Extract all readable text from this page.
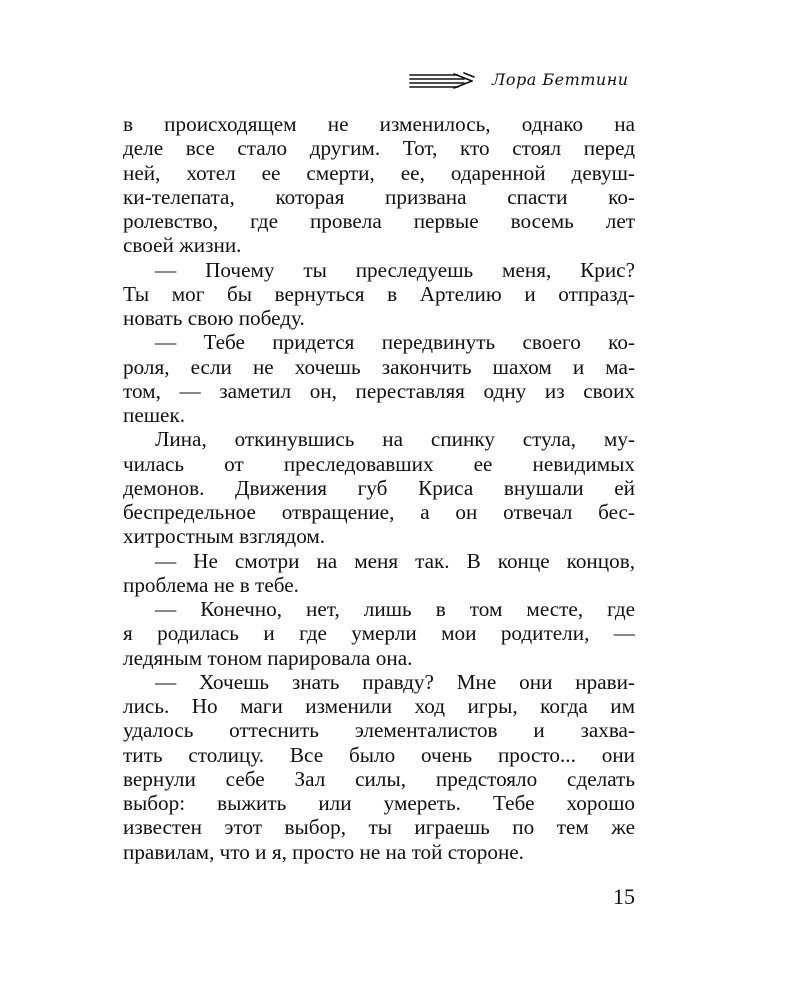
Лора Беттини
в происходящем не изменилось, однако на
деле все стало другим. Тот, кто стоял перед
ней, хотел ее смерти, ее, одаренной девуш-
ки-телепата, которая призвана спасти ко-
ролевство, где провела первые восемь лет
своей жизни.
— Почему ты преследуешь меня, Крис?
Ты мог бы вернуться в Артелию и отпразд-
новать свою победу.
— Тебе придется передвинуть своего ко-
роля, если не хочешь закончить шахом и ма-
том, — заметил он, переставляя одну из своих
пешек.
Лина, откинувшись на спинку стула, му-
чилась от преследовавших ее невидимых
демонов. Движения губ Криса внушали ей
беспредельное отвращение, а он отвечал бес-
хитростным взглядом.
— Не смотри на меня так. В конце концов,
проблема не в тебе.
— Конечно, нет, лишь в том месте, где
я родилась и где умерли мои родители, —
ледяным тоном парировала она.
— Хочешь знать правду? Мне они нрави-
лись. Но маги изменили ход игры, когда им
удалось оттеснить элементалистов и захва-
тить столицу. Все было очень просто... они
вернули себе Зал силы, предстояло сделать
выбор: выжить или умереть. Тебе хорошо
известен этот выбор, ты играешь по тем же
правилам, что и я, просто не на той стороне.
15
